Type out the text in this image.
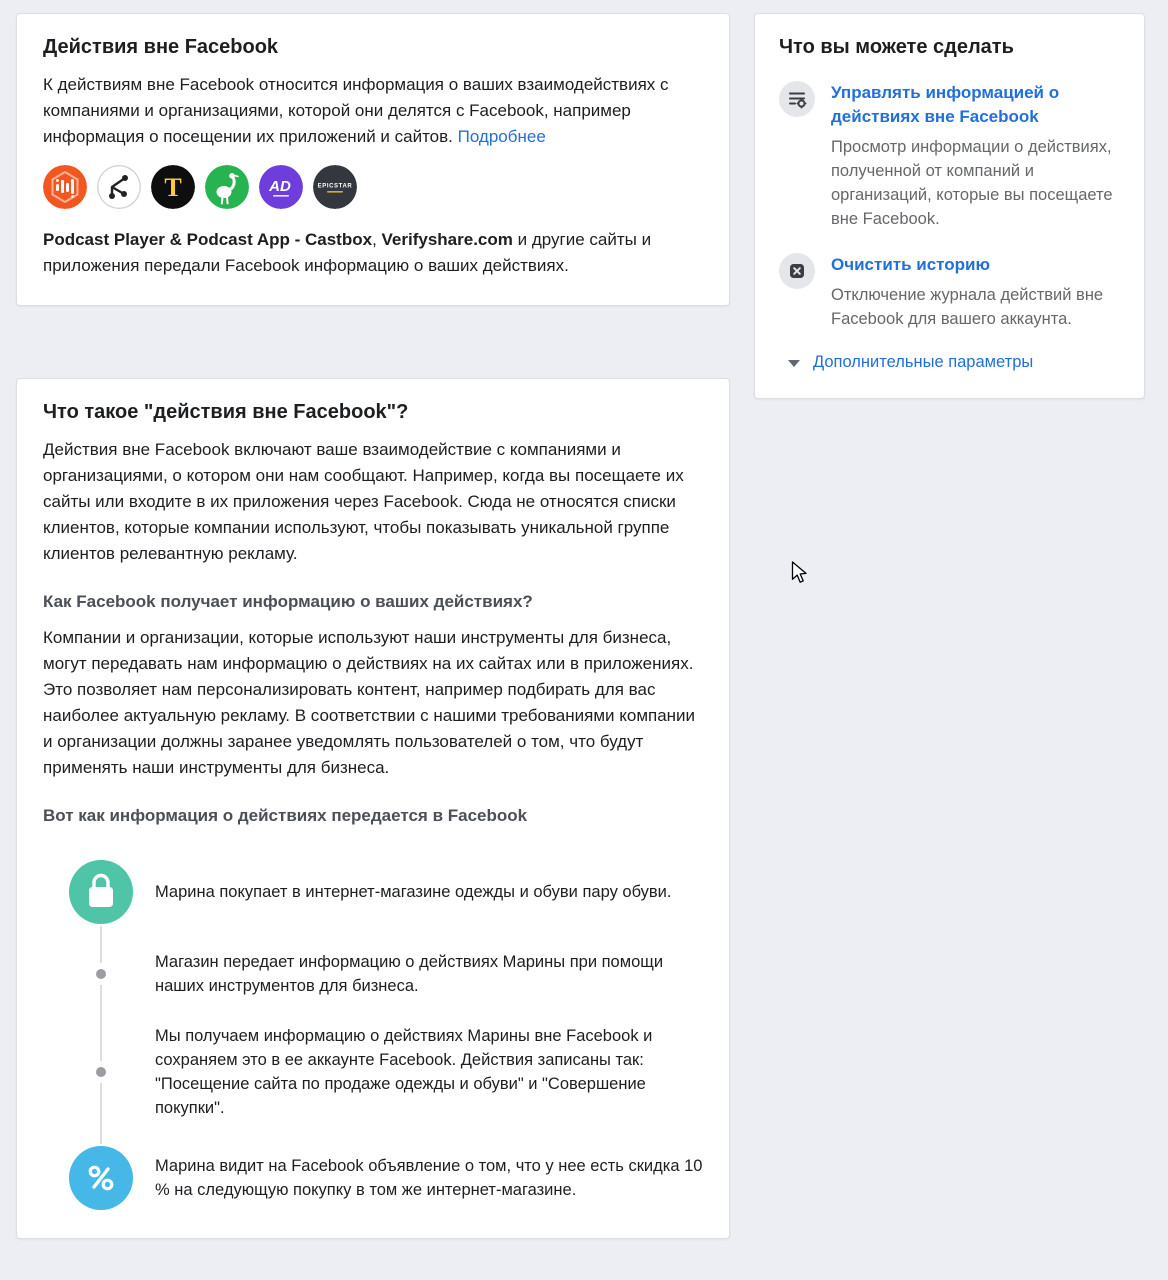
Действия вне Facebook

К действиям вне Facebook относится информация о ваших взаимодействиях с компаниями и организациями, которой они делятся с Facebook, например информация о посещении их приложений и сайтов. Подробнее

T	AD	EPICSTAR

Podcast Player & Podcast App - Castbox, Verifyshare.com и другие сайты и приложения передали Facebook информацию о ваших действиях.

Что такое "действия вне Facebook"?

Действия вне Facebook включают ваше взаимодействие с компаниями и организациями, о котором они нам сообщают. Например, когда вы посещаете их сайты или входите в их приложения через Facebook. Сюда не относятся списки клиентов, которые компании используют, чтобы показывать уникальной группе клиентов релевантную рекламу.

Как Facebook получает информацию о ваших действиях?

Компании и организации, которые используют наши инструменты для бизнеса, могут передавать нам информацию о действиях на их сайтах или в приложениях. Это позволяет нам персонализировать контент, например подбирать для вас наиболее актуальную рекламу. В соответствии с нашими требованиями компании и организации должны заранее уведомлять пользователей о том, что будут применять наши инструменты для бизнеса.

Вот как информация о действиях передается в Facebook
Марина покупает в интернет-магазине одежды и обуви пару обуви.
Магазин передает информацию о действиях Марины при помощи наших инструментов для бизнеса.
Мы получаем информацию о действиях Марины вне Facebook и сохраняем это в ее аккаунте Facebook. Действия записаны так: "Посещение сайта по продаже одежды и обуви" и "Совершение покупки".
Марина видит на Facebook объявление о том, что у нее есть скидка 10 % на следующую покупку в том же интернет-магазине.
Что вы можете сделать
Управлять информацией о действиях вне Facebook
Просмотр информации о действиях, полученной от компаний и организаций, которые вы посещаете вне Facebook.
Очистить историю
Отключение журнала действий вне Facebook для вашего аккаунта.
Дополнительные параметры
